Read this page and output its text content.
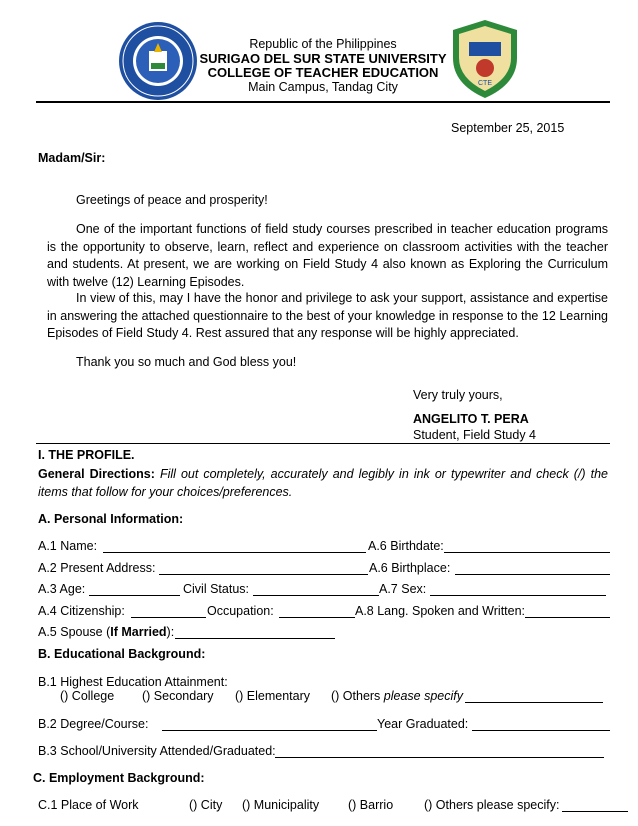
CTE
Republic of the Philippines
SURIGAO DEL SUR STATE UNIVERSITY
COLLEGE OF TEACHER EDUCATION
Main Campus, Tandag City
September 25, 2015
Madam/Sir:
Greetings of peace and prosperity!
One of the important functions of field study courses prescribed in teacher education programs is the opportunity to observe, learn, reflect and experience on classroom activities with the teacher and students. At present, we are working on Field Study 4 also known as Exploring the Curriculum with twelve (12) Learning Episodes.
In view of this, may I have the honor and privilege to ask your support, assistance and expertise in answering the attached questionnaire to the best of your knowledge in response to the 12 Learning Episodes of Field Study 4. Rest assured that any response will be highly appreciated.
Thank you so much and God bless you!
Very truly yours,
ANGELITO T. PERA
Student, Field Study 4
I. THE PROFILE.
General Directions: Fill out completely, accurately and legibly in ink or typewriter and check (/) the items that follow for your choices/preferences.
A. Personal Information:
A.1 Name:	A.6 Birthdate:
A.2 Present Address:	A.6 Birthplace:
A.3 Age:	Civil Status:	A.7 Sex:
A.4 Citizenship:	Occupation:	A.8 Lang. Spoken and Written:
A.5 Spouse (If Married):
B. Educational Background:
B.1 Highest Education Attainment:
() College () Secondary () Elementary () Others please specify
B.2 Degree/Course:	Year Graduated:
B.3 School/University Attended/Graduated:
C. Employment Background:
C.1 Place of Work	() City () Municipality () Barrio () Others please specify:
